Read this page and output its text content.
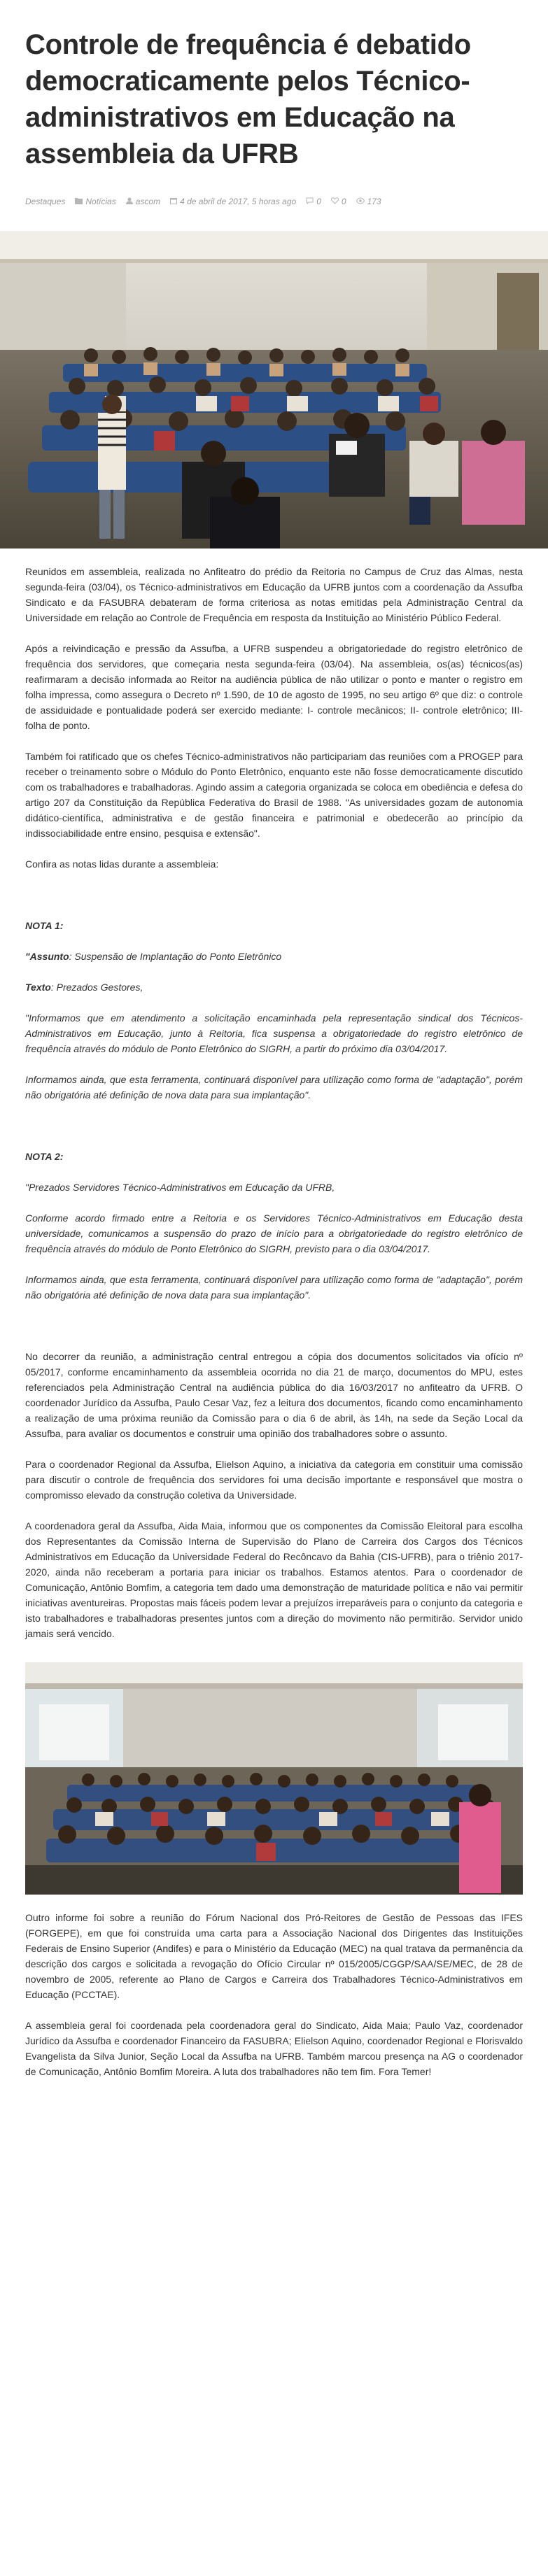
Controle de frequência é debatido democraticamente pelos Técnico-administrativos em Educação na assembleia da UFRB
Destaques Notícias ascom 4 de abril de 2017, 5 horas ago 0 0	173

Reunidos em assembleia, realizada no Anfiteatro do prédio da Reitoria no Campus de Cruz das Almas, nesta segunda-feira (03/04), os Técnico-administrativos em Educação da UFRB juntos com a coordenação da Assufba Sindicato e da FASUBRA debateram de forma criteriosa as notas emitidas pela Administração Central da Universidade em relação ao Controle de Frequência em resposta da Instituição ao Ministério Público Federal.

Após a reivindicação e pressão da Assufba, a UFRB suspendeu a obrigatoriedade do registro eletrônico de frequência dos servidores, que começaria nesta segunda-feira (03/04). Na assembleia, os(as) técnicos(as) reafirmaram a decisão informada ao Reitor na audiência pública de não utilizar o ponto e manter o registro em folha impressa, como assegura o Decreto nº 1.590, de 10 de agosto de 1995, no seu artigo 6º que diz: o controle de assiduidade e pontualidade poderá ser exercido mediante: I- controle mecânicos; II- controle eletrônico; III-folha de ponto.

Também foi ratificado que os chefes Técnico-administrativos não participariam das reuniões com a PROGEP para receber o treinamento sobre o Módulo do Ponto Eletrônico, enquanto este não fosse democraticamente discutido com os trabalhadores e trabalhadoras. Agindo assim a categoria organizada se coloca em obediência e defesa do artigo 207 da Constituição da República Federativa do Brasil de 1988. "As universidades gozam de autonomia didático-científica, administrativa e de gestão financeira e patrimonial e obedecerão ao princípio da indissociabilidade entre ensino, pesquisa e extensão".

Confira as notas lidas durante a assembleia:

NOTA 1:

"Assunto: Suspensão de Implantação do Ponto Eletrônico

Texto: Prezados Gestores,

"Informamos que em atendimento a solicitação encaminhada pela representação sindical dos Técnicos-Administrativos em Educação, junto à Reitoria, fica suspensa a obrigatoriedade do registro eletrônico de frequência através do módulo de Ponto Eletrônico do SIGRH, a partir do próximo dia 03/04/2017.

Informamos ainda, que esta ferramenta, continuará disponível para utilização como forma de "adaptação", porém não obrigatória até definição de nova data para sua implantação".

NOTA 2:

"Prezados Servidores Técnico-Administrativos em Educação da UFRB,

Conforme acordo firmado entre a Reitoria e os Servidores Técnico-Administrativos em Educação desta universidade, comunicamos a suspensão do prazo de início para a obrigatoriedade do registro eletrônico de frequência através do módulo de Ponto Eletrônico do SIGRH, previsto para o dia 03/04/2017.

Informamos ainda, que esta ferramenta, continuará disponível para utilização como forma de "adaptação", porém não obrigatória até definição de nova data para sua implantação".

No decorrer da reunião, a administração central entregou a cópia dos documentos solicitados via ofício nº 05/2017, conforme encaminhamento da assembleia ocorrida no dia 21 de março, documentos do MPU, estes referenciados pela Administração Central na audiência pública do dia 16/03/2017 no anfiteatro da UFRB. O coordenador Jurídico da Assufba, Paulo Cesar Vaz, fez a leitura dos documentos, ficando como encaminhamento a realização de uma próxima reunião da Comissão para o dia 6 de abril, às 14h, na sede da Seção Local da Assufba, para avaliar os documentos e construir uma opinião dos trabalhadores sobre o assunto.

Para o coordenador Regional da Assufba, Elielson Aquino, a iniciativa da categoria em constituir uma comissão para discutir o controle de frequência dos servidores foi uma decisão importante e responsável que mostra o compromisso elevado da construção coletiva da Universidade.

A coordenadora geral da Assufba, Aida Maia, informou que os componentes da Comissão Eleitoral para escolha dos Representantes da Comissão Interna de Supervisão do Plano de Carreira dos Cargos dos Técnicos Administrativos em Educação da Universidade Federal do Recôncavo da Bahia (CIS-UFRB), para o triênio 2017-2020, ainda não receberam a portaria para iniciar os trabalhos. Estamos atentos. Para o coordenador de Comunicação, Antônio Bomfim, a categoria tem dado uma demonstração de maturidade política e não vai permitir iniciativas aventureiras. Propostas mais fáceis podem levar a prejuízos irreparáveis para o conjunto da categoria e isto trabalhadores e trabalhadoras presentes juntos com a direção do movimento não permitirão. Servidor unido jamais será vencido.

Outro informe foi sobre a reunião do Fórum Nacional dos Pró-Reitores de Gestão de Pessoas das IFES (FORGEPE), em que foi construída uma carta para a Associação Nacional dos Dirigentes das Instituições Federais de Ensino Superior (Andifes) e para o Ministério da Educação (MEC) na qual tratava da permanência da descrição dos cargos e solicitada a revogação do Ofício Circular nº 015/2005/CGGP/SAA/SE/MEC, de 28 de novembro de 2005, referente ao Plano de Cargos e Carreira dos Trabalhadores Técnico-Administrativos em Educação (PCCTAE).

A assembleia geral foi coordenada pela coordenadora geral do Sindicato, Aida Maia; Paulo Vaz, coordenador Jurídico da Assufba e coordenador Financeiro da FASUBRA; Elielson Aquino, coordenador Regional e Florisvaldo Evangelista da Silva Junior, Seção Local da Assufba na UFRB. Também marcou presença na AG o coordenador de Comunicação, Antônio Bomfim Moreira. A luta dos trabalhadores não tem fim. Fora Temer!
